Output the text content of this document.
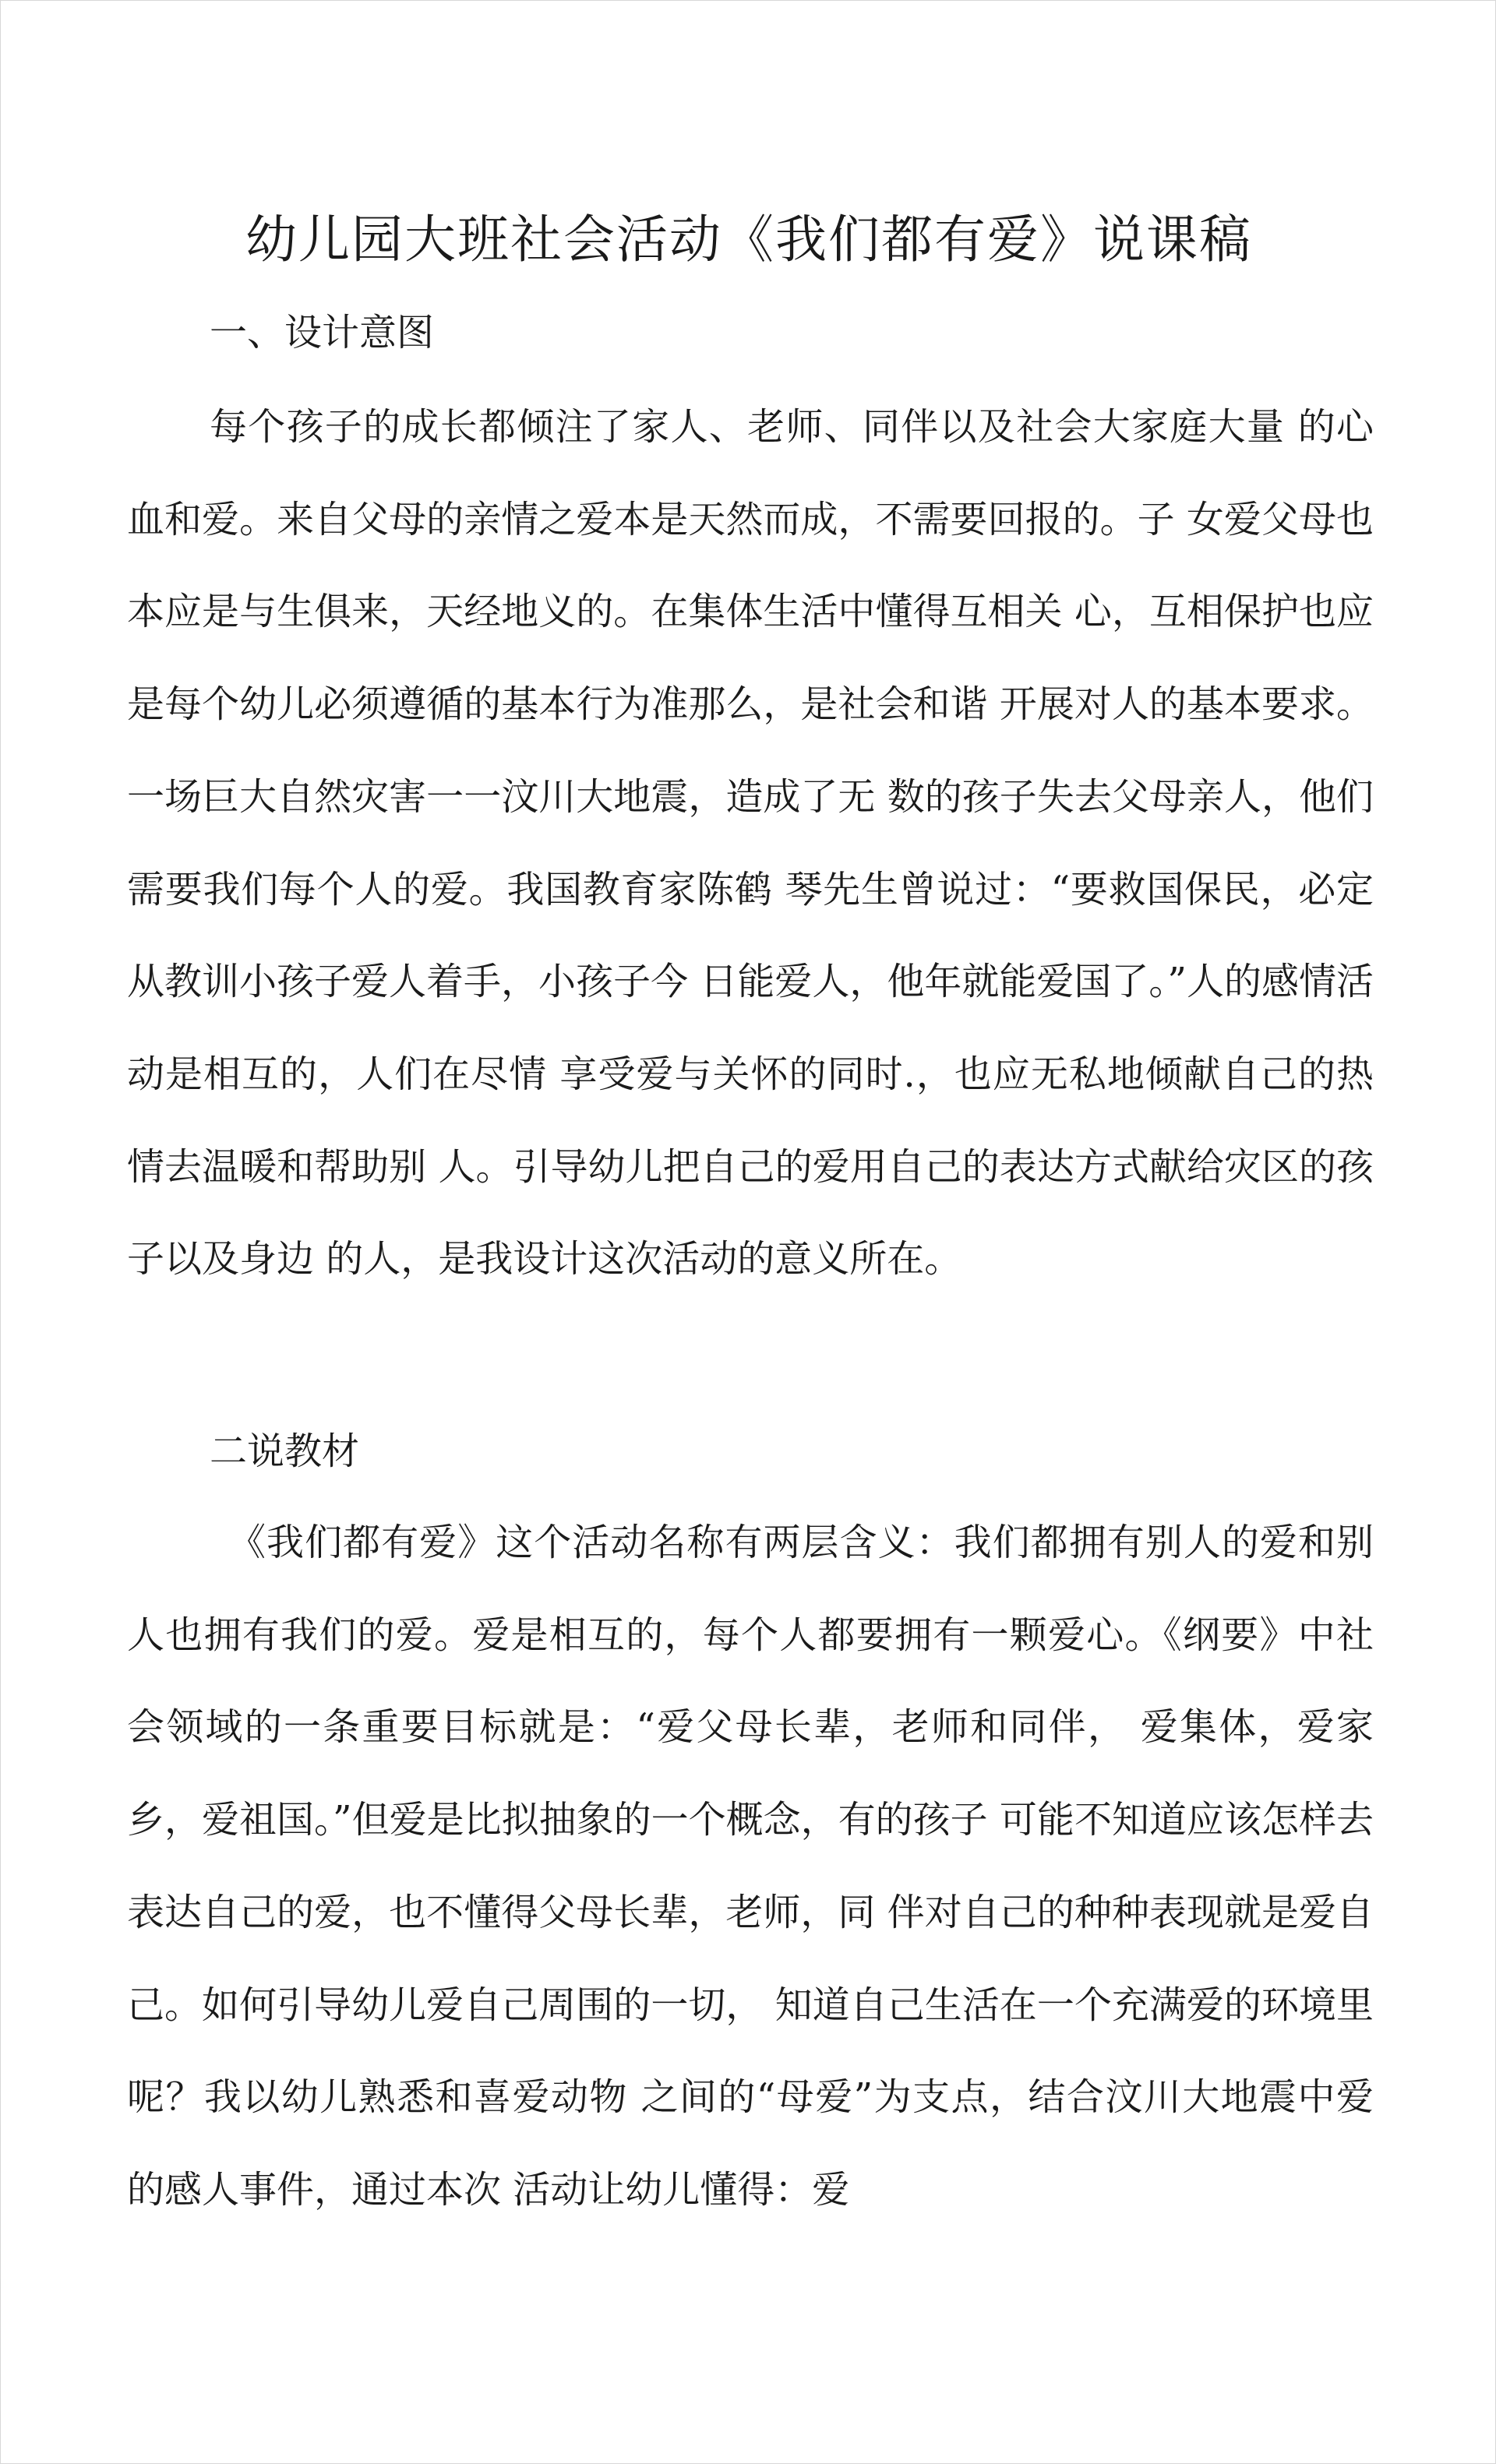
幼儿园大班社会活动《我们都有爱》说课稿
一、设计意图

每个孩子的成长都倾注了家人、老师、同伴以及社会大家庭大量 的心血和爱。来自父母的亲情之爱本是天然而成，不需要回报的。子 女爱父母也本应是与生俱来，天经地义的。在集体生活中懂得互相关 心，互相保护也应是每个幼儿必须遵循的基本行为准那么，是社会和谐 开展对人的基本要求。一场巨大自然灾害一一汶川大地震，造成了无 数的孩子失去父母亲人，他们需要我们每个人的爱。我国教育家陈鹤 琴先生曾说过：“要救国保民，必定从教训小孩子爱人着手，小孩子今 日能爱人，他年就能爱国了。”人的感情活动是相互的，人们在尽情 享受爱与关怀的同时.，也应无私地倾献自己的热情去温暖和帮助别 人。引导幼儿把自己的爱用自己的表达方式献给灾区的孩子以及身边 的人，是我设计这次活动的意义所在。

二说教材

《我们都有爱》这个活动名称有两层含义：我们都拥有别人的爱和别人也拥有我们的爱。爱是相互的，每个人都要拥有一颗爱心。《纲要》中社会领域的一条重要目标就是：“爱父母长辈，老师和同伴， 爱集体，爱家乡，爱祖国。”但爱是比拟抽象的一个概念，有的孩子 可能不知道应该怎样去表达自己的爱，也不懂得父母长辈，老师，同 伴对自己的种种表现就是爱自己。如何引导幼儿爱自己周围的一切， 知道自己生活在一个充满爱的环境里呢？我以幼儿熟悉和喜爱动物 之间的“母爱”为支点，结合汶川大地震中爱的感人事件，通过本次 活动让幼儿懂得：爱
